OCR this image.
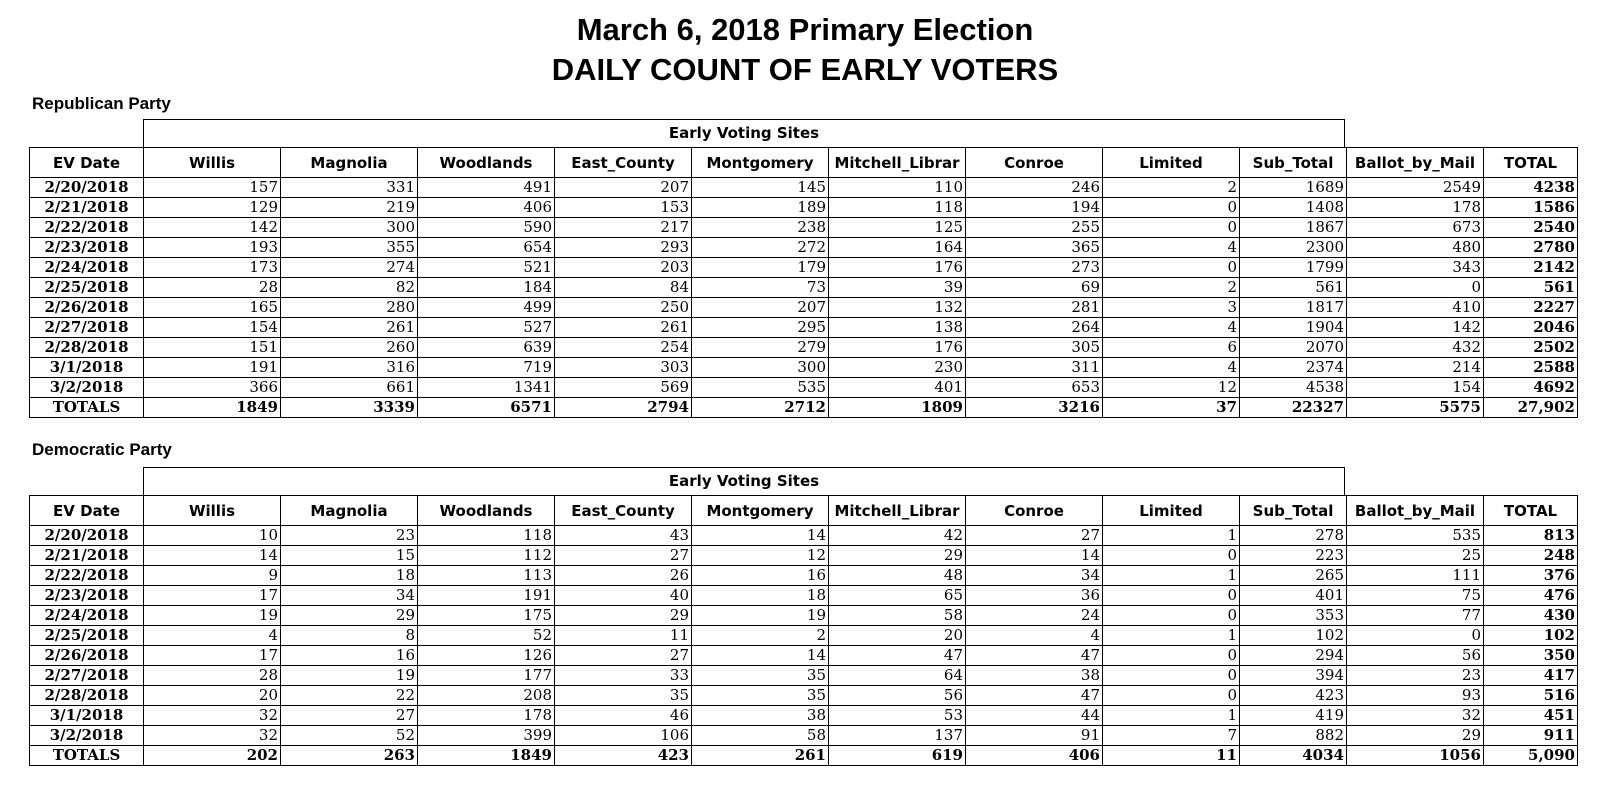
March 6, 2018 Primary Election
DAILY COUNT OF EARLY VOTERS
Republican Party
Early Voting Sites
EV Date	Willis	Magnolia	Woodlands	East_County	Montgomery	Mitchell_Librar	Conroe	Limited	Sub_Total	Ballot_by_Mail	TOTAL
2/20/2018	157	331	491	207	145	110	246	2	1689	2549	4238
2/21/2018	129	219	406	153	189	118	194	0	1408	178	1586
2/22/2018	142	300	590	217	238	125	255	0	1867	673	2540
2/23/2018	193	355	654	293	272	164	365	4	2300	480	2780
2/24/2018	173	274	521	203	179	176	273	0	1799	343	2142
2/25/2018	28	82	184	84	73	39	69	2	561	0	561
2/26/2018	165	280	499	250	207	132	281	3	1817	410	2227
2/27/2018	154	261	527	261	295	138	264	4	1904	142	2046
2/28/2018	151	260	639	254	279	176	305	6	2070	432	2502
3/1/2018	191	316	719	303	300	230	311	4	2374	214	2588
3/2/2018	366	661	1341	569	535	401	653	12	4538	154	4692
TOTALS	1849	3339	6571	2794	2712	1809	3216	37	22327	5575	27,902
Democratic Party
Early Voting Sites
EV Date	Willis	Magnolia	Woodlands	East_County	Montgomery	Mitchell_Librar	Conroe	Limited	Sub_Total	Ballot_by_Mail	TOTAL
2/20/2018	10	23	118	43	14	42	27	1	278	535	813
2/21/2018	14	15	112	27	12	29	14	0	223	25	248
2/22/2018	9	18	113	26	16	48	34	1	265	111	376
2/23/2018	17	34	191	40	18	65	36	0	401	75	476
2/24/2018	19	29	175	29	19	58	24	0	353	77	430
2/25/2018	4	8	52	11	2	20	4	1	102	0	102
2/26/2018	17	16	126	27	14	47	47	0	294	56	350
2/27/2018	28	19	177	33	35	64	38	0	394	23	417
2/28/2018	20	22	208	35	35	56	47	0	423	93	516
3/1/2018	32	27	178	46	38	53	44	1	419	32	451
3/2/2018	32	52	399	106	58	137	91	7	882	29	911
TOTALS	202	263	1849	423	261	619	406	11	4034	1056	5,090
